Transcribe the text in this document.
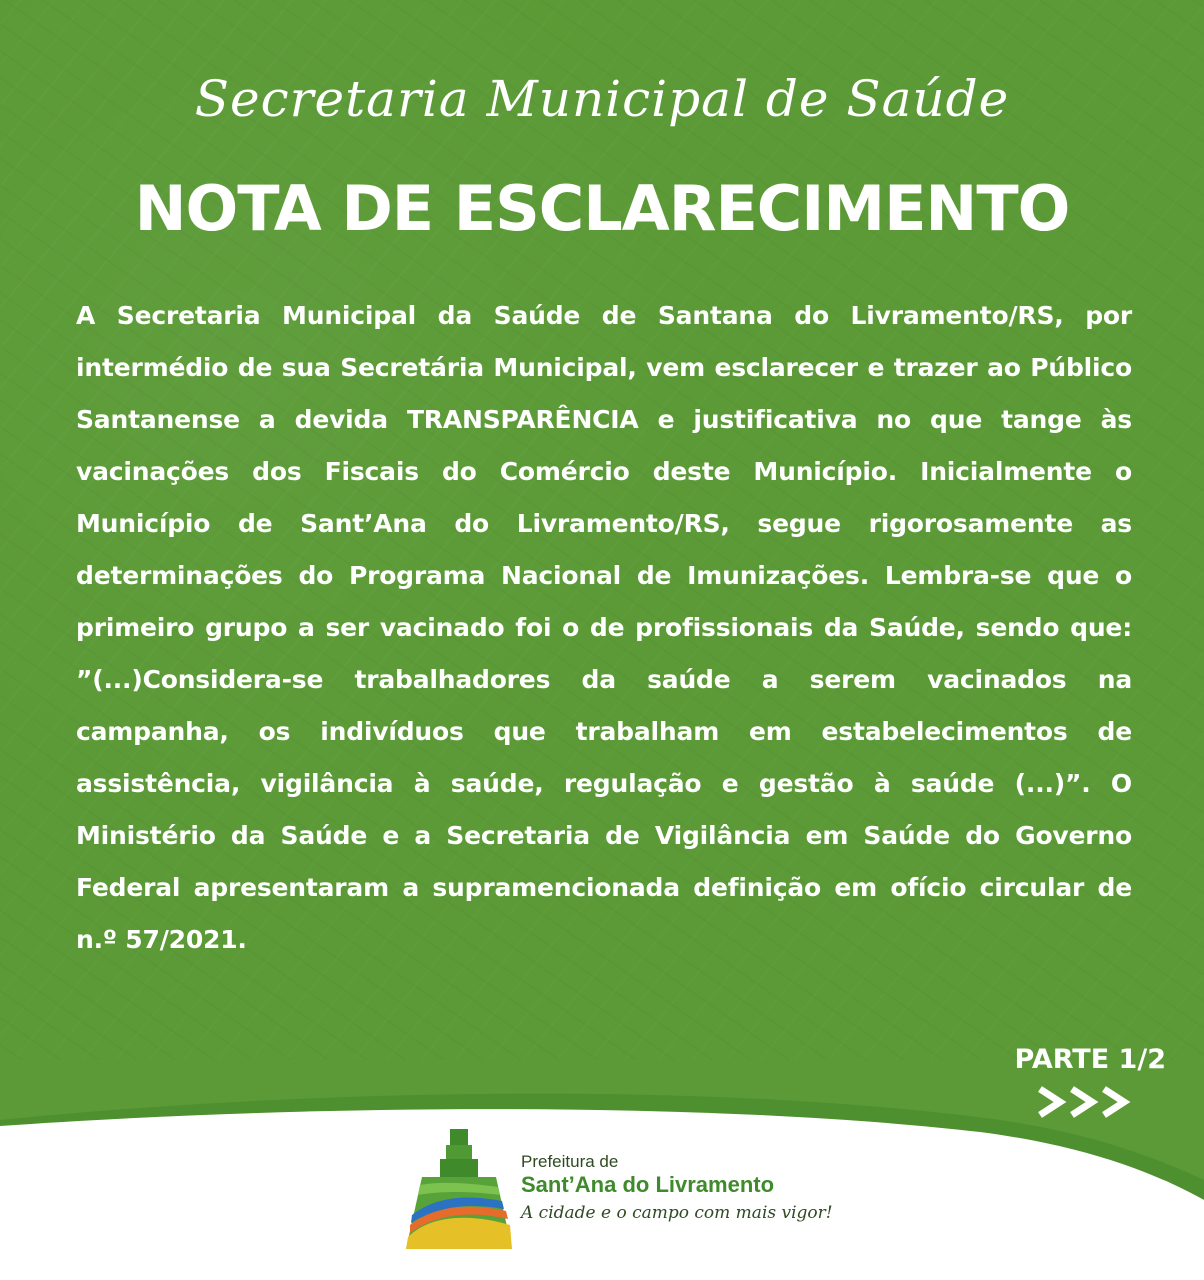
Secretaria Municipal de Saúde
NOTA DE ESCLARECIMENTO

A Secretaria Municipal da Saúde de Santana do Livramento/RS, por intermédio de sua Secretária Municipal, vem esclarecer e trazer ao Público Santanense a devida TRANSPARÊNCIA e justificativa no que tange às vacinações dos Fiscais do Comércio deste Município. Inicialmente o Município de Sant’Ana do Livramento/RS, segue rigorosamente as determinações do Programa Nacional de Imunizações. Lembra-se que o primeiro grupo a ser vacinado foi o de profissionais da Saúde, sendo que: ”(...)Considera-se trabalhadores da saúde a serem vacinados na campanha, os indivíduos que trabalham em estabelecimentos de assistência, vigilância à saúde, regulação e gestão à saúde (...)”. O Ministério da Saúde e a Secretaria de Vigilância em Saúde do Governo Federal apresentaram a supramencionada definição em ofício circular de n.º 57/2021.

PARTE 1/2
Prefeitura de
Sant’Ana do Livramento
A cidade e o campo com mais vigor!
